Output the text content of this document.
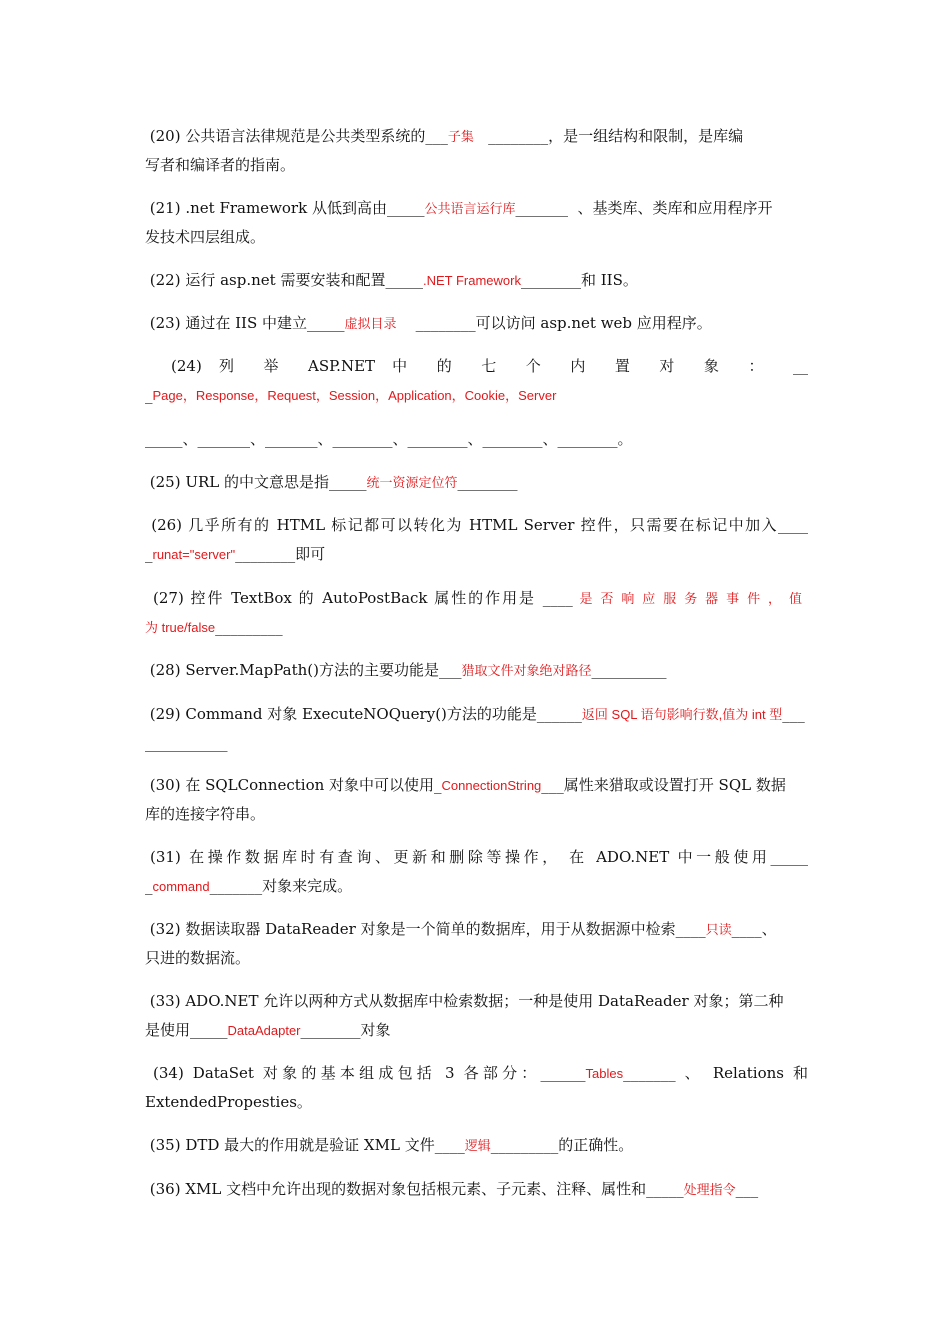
(20) 公共语言法律规范是公共类型系统的___子集   ________，是一组结构和限制，是库编
写者和编译者的指南。
(21) .net Framework 从低到高由_____公共语言运行库_______  、基类库、类库和应用程序开
发技术四层组成。
(22) 运行 asp.net 需要安装和配置_____.NET Framework________和 IIS。
(23) 通过在 IIS 中建立_____虚拟目录    ________可以访问 asp.net web 应用程序。
(24) 列 举 ASP.NET 中 的 七 个 内 置 对 象 ： __
_Page，Response，Request，Session，Application，Cookie，Server
_____、_______、_______、________、________、________、________。
(25) URL 的中文意思是指_____统一资源定位符________
(26) 几乎所有的 HTML 标记都可以转化为 HTML Server 控件，只需要在标记中加入____
_runat="server"________即可
(27) 控件 TextBox 的 AutoPostBack 属性的作用是 ____ 是否响应服务器事件，值
为 true/false_________
(28) Server.MapPath()方法的主要功能是___猎取文件对象绝对路径__________
(29) Command 对象 ExecuteNOQuery()方法的功能是______返回 SQL 语句影响行数,值为 int 型___
___________
(30) 在 SQLConnection 对象中可以使用_ConnectionString___属性来猎取或设置打开 SQL 数据
库的连接字符串。
(31) 在操作数据库时有查询、更新和删除等操作， 在 ADO.NET 中一般使用_____
_command_______对象来完成。
(32) 数据读取器 DataReader 对象是一个简单的数据库，用于从数据源中检索____只读____、
只进的数据流。
(33) ADO.NET 允许以两种方式从数据库中检索数据；一种是使用 DataReader 对象；第二种
是使用_____DataAdapter________对象
(34) DataSet 对象的基本组成包括 3 各部分：______Tables_______ 、 Relations 和
ExtendedPropesties。
(35) DTD 最大的作用就是验证 XML 文件____逻辑_________的正确性。
(36) XML 文档中允许出现的数据对象包括根元素、子元素、注释、属性和_____处理指令___
